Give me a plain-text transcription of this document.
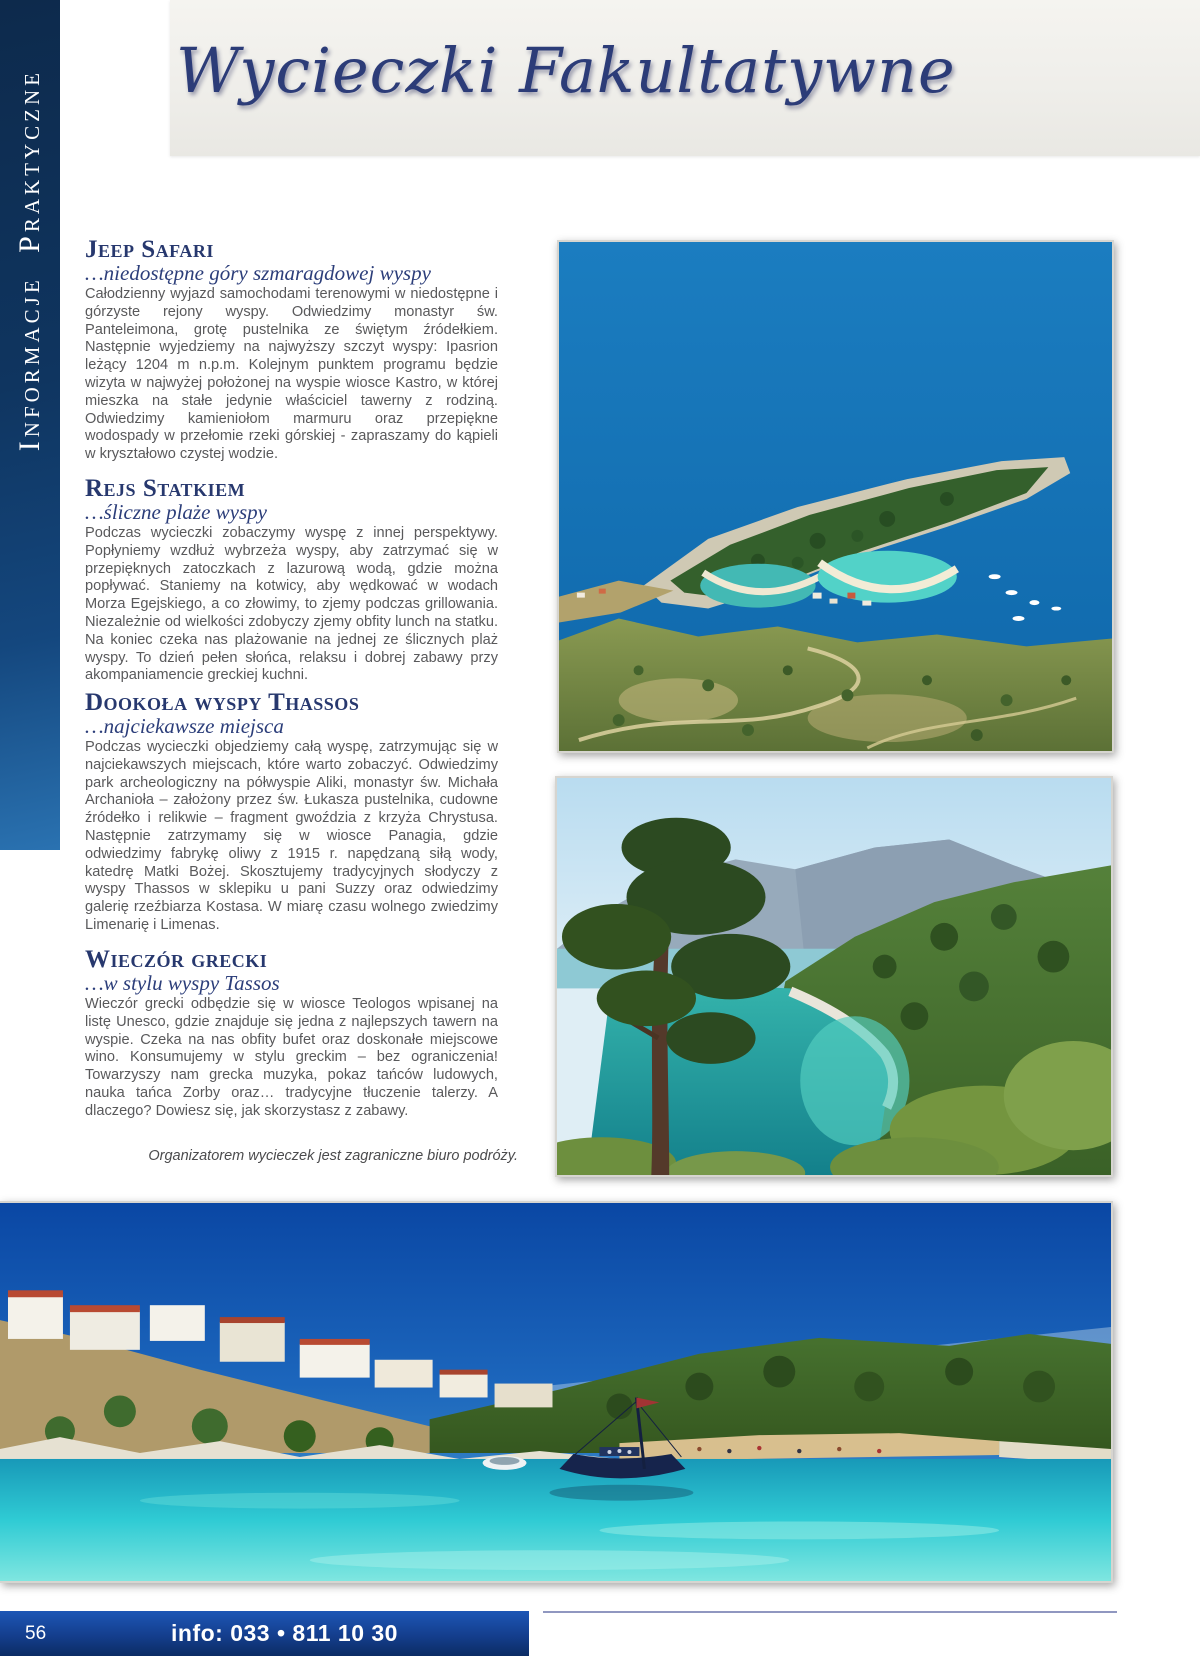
Informacje Praktyczne Wycieczki Fakultatywne
Jeep Safari

…niedostępne góry szmaragdowej wyspy

Całodzienny wyjazd samochodami terenowymi w niedostępne i górzyste rejony wyspy. Odwiedzimy monastyr św. Panteleimona, grotę pustelnika ze świętym źródełkiem. Następnie wyjedziemy na najwyższy szczyt wyspy: Ipasrion leżący 1204 m n.p.m. Kolejnym punktem programu będzie wizyta w najwyżej położonej na wyspie wiosce Kastro, w której mieszka na stałe jedynie właściciel tawerny z rodziną. Odwiedzimy kamieniołom marmuru oraz przepiękne wodospady w przełomie rzeki górskiej - zapraszamy do kąpieli w kryształowo czystej wodzie.

Rejs Statkiem

…śliczne plaże wyspy

Podczas wycieczki zobaczymy wyspę z innej perspektywy. Popłyniemy wzdłuż wybrzeża wyspy, aby zatrzymać się w przepięknych zatoczkach z lazurową wodą, gdzie można popływać. Staniemy na kotwicy, aby wędkować w wodach Morza Egejskiego, a co złowimy, to zjemy podczas grillowania. Niezależnie od wielkości zdobyczy zjemy obfity lunch na statku. Na koniec czeka nas plażowanie na jednej ze ślicznych plaż wyspy. To dzień pełen słońca, relaksu i dobrej zabawy przy akompaniamencie greckiej kuchni.

Dookoła wyspy Thassos

…najciekawsze miejsca

Podczas wycieczki objedziemy całą wyspę, zatrzymując się w najciekawszych miejscach, które warto zobaczyć. Odwiedzimy park archeologiczny na półwyspie Aliki, monastyr św. Michała Archanioła – założony przez św. Łukasza pustelnika, cudowne źródełko i relikwie – fragment gwoździa z krzyża Chrystusa. Następnie zatrzymamy się w wiosce Panagia, gdzie odwiedzimy fabrykę oliwy z 1915 r. napędzaną siłą wody, katedrę Matki Bożej. Skosztujemy tradycyjnych słodyczy z wyspy Thassos w sklepiku u pani Suzzy oraz odwiedzimy galerię rzeźbiarza Kostasa. W miarę czasu wolnego zwiedzimy Limenarię i Limenas.

Wieczór grecki

…w stylu wyspy Tassos

Wieczór grecki odbędzie się w wiosce Teologos wpisanej na listę Unesco, gdzie znajduje się jedna z najlepszych tawern na wyspie. Czeka na nas obfity bufet oraz doskonałe miejscowe wino. Konsumujemy w stylu greckim – bez ograniczenia! Towarzyszy nam grecka muzyka, pokaz tańców ludowych, nauka tańca Zorby oraz… tradycyjne tłuczenie talerzy. A dlaczego? Dowiesz się, jak skorzystasz z zabawy.

Organizatorem wycieczek jest zagraniczne biuro podróży.

56	info: 033 • 811 10 30
